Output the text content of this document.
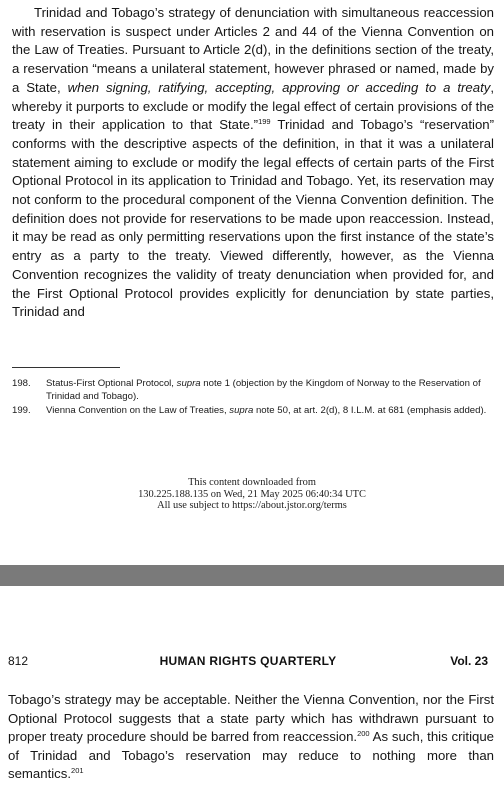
Trinidad and Tobago’s strategy of denunciation with simultaneous reaccession with reservation is suspect under Articles 2 and 44 of the Vienna Convention on the Law of Treaties. Pursuant to Article 2(d), in the definitions section of the treaty, a reservation “means a unilateral statement, however phrased or named, made by a State, when signing, ratifying, accepting, approving or acceding to a treaty, whereby it purports to exclude or modify the legal effect of certain provisions of the treaty in their application to that State.”$^{199}$ Trinidad and Tobago’s “reservation” conforms with the descriptive aspects of the definition, in that it was a unilateral statement aiming to exclude or modify the legal effects of certain parts of the First Optional Protocol in its application to Trinidad and Tobago. Yet, its reservation may not conform to the procedural component of the Vienna Convention definition. The definition does not provide for reservations to be made upon reaccession. Instead, it may be read as only permitting reservations upon the first instance of the state’s entry as a party to the treaty. Viewed differently, however, as the Vienna Convention recognizes the validity of treaty denunciation when provided for, and the First Optional Protocol provides explicitly for denunciation by state parties, Trinidad and

198.	Status-First Optional Protocol, supra note 1 (objection by the Kingdom of Norway to the Reservation of Trinidad and Tobago).
199.	Vienna Convention on the Law of Treaties, supra note 50, at art. 2(d), 8 I.L.M. at 681 (emphasis added).
This content downloaded from
130.225.188.135 on Wed, 21 May 2025 06:40:34 UTC
All use subject to https://about.jstor.org/terms
HUMAN RIGHTS QUARTERLY
812	Vol. 23

Tobago’s strategy may be acceptable. Neither the Vienna Convention, nor the First Optional Protocol suggests that a state party which has withdrawn pursuant to proper treaty procedure should be barred from reaccession.$^{200}$ As such, this critique of Trinidad and Tobago’s reservation may reduce to nothing more than semantics.$^{201}$
